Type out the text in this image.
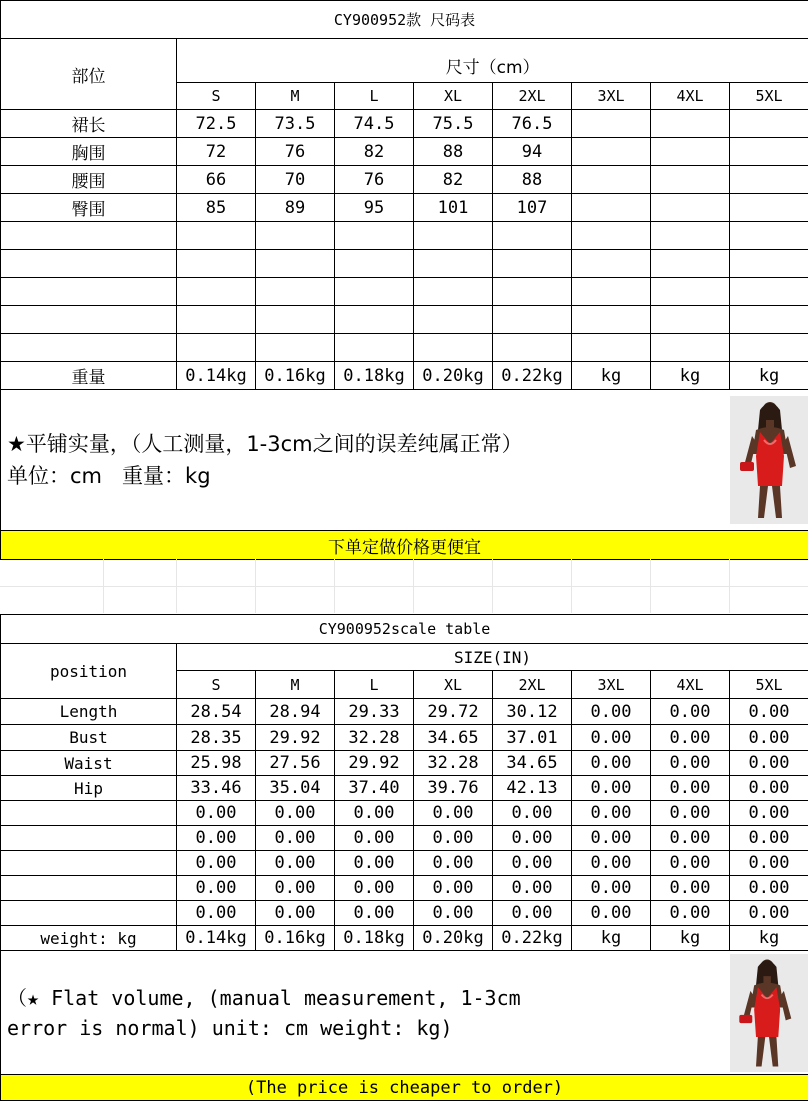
CY900952款 尺码表								
部位	尺寸（cm）							
	S	M	L	XL	2XL	3XL	4XL	5XL
裙长	72.5	73.5	74.5	75.5	76.5			
胸围	72	76	82	88	94			
腰围	66	70	76	82	88			
臀围	85	89	95	101	107			

重量	0.14kg	0.16kg	0.18kg	0.20kg	0.22kg	kg	kg	kg

★平铺实量，（人工测量，1-3cm之间的误差纯属正常）
单位：cm   重量：kg

下单定做价格更便宜								
CY900952scale table								
position	SIZE(IN)							
	S	M	L	XL	2XL	3XL	4XL	5XL
Length	28.54	28.94	29.33	29.72	30.12	0.00	0.00	0.00
Bust	28.35	29.92	32.28	34.65	37.01	0.00	0.00	0.00
Waist	25.98	27.56	29.92	32.28	34.65	0.00	0.00	0.00
Hip	33.46	35.04	37.40	39.76	42.13	0.00	0.00	0.00
	0.00	0.00	0.00	0.00	0.00	0.00	0.00	0.00
	0.00	0.00	0.00	0.00	0.00	0.00	0.00	0.00
	0.00	0.00	0.00	0.00	0.00	0.00	0.00	0.00
	0.00	0.00	0.00	0.00	0.00	0.00	0.00	0.00
	0.00	0.00	0.00	0.00	0.00	0.00	0.00	0.00
weight: kg	0.14kg	0.16kg	0.18kg	0.20kg	0.22kg	kg	kg	kg

（★ Flat volume, (manual measurement, 1-3cm
error is normal) unit: cm weight: kg)

(The price is cheaper to order)								
